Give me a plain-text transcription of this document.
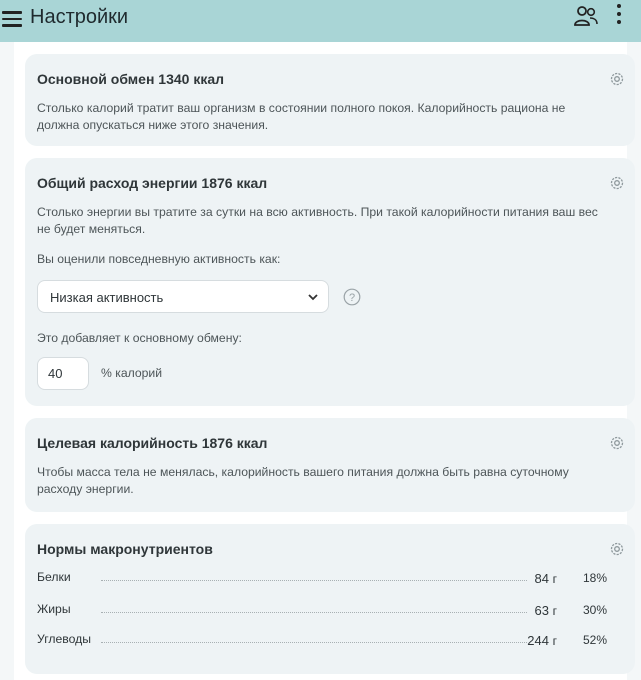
Настройки
Основной обмен 1340 ккал
Столько калорий тратит ваш организм в состоянии полного покоя. Калорийность рациона не должна опускаться ниже этого значения.
Общий расход энергии 1876 ккал
Столько энергии вы тратите за сутки на всю активность. При такой калорийности питания ваш вес не будет меняться.
Вы оценили повседневную активность как:
Низкая активность	?
Это добавляет к основному обмену:
40	% калорий
Целевая калорийность 1876 ккал
Чтобы масса тела не менялась, калорийность вашего питания должна быть равна суточному расходу энергии.
Нормы макронутриентов
Белки	84 г 18%
Жиры	63 г 30%
Углеводы	244 г 52%
